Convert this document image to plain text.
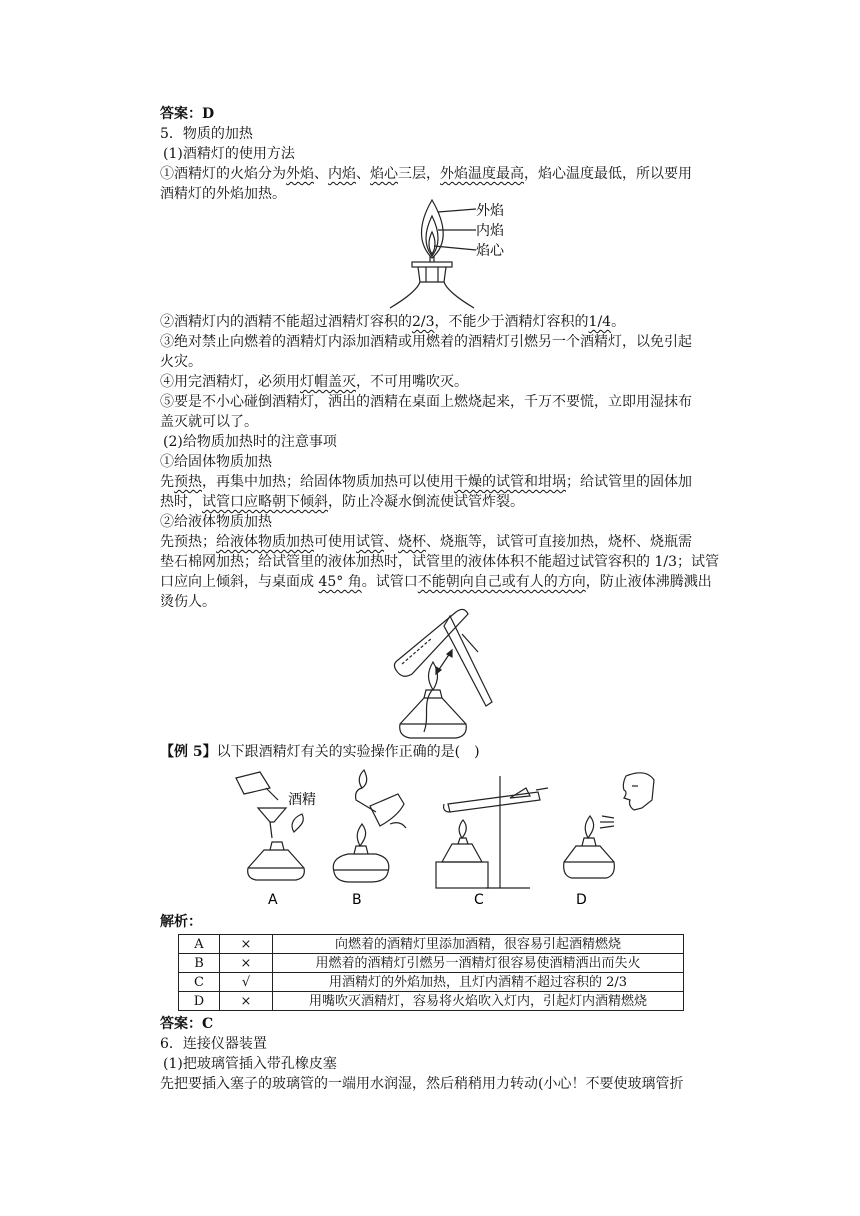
答案：D
5．物质的加热
(1)酒精灯的使用方法
①酒精灯的火焰分为外焰、内焰、焰心三层，外焰温度最高，焰心温度最低，所以要用
酒精灯的外焰加热。
外焰
内焰
焰心
②酒精灯内的酒精不能超过酒精灯容积的2/3，不能少于酒精灯容积的1/4。
③绝对禁止向燃着的酒精灯内添加酒精或用燃着的酒精灯引燃另一个酒精灯，以免引起
火灾。
④用完酒精灯，必须用灯帽盖灭，不可用嘴吹灭。
⑤要是不小心碰倒酒精灯，洒出的酒精在桌面上燃烧起来，千万不要慌，立即用湿抹布
盖灭就可以了。
(2)给物质加热时的注意事项
①给固体物质加热
先预热，再集中加热；给固体物质加热可以使用干燥的试管和坩埚；给试管里的固体加
热时，试管口应略朝下倾斜，防止冷凝水倒流使试管炸裂。
②给液体物质加热
先预热；给液体物质加热可使用试管、烧杯、烧瓶等，试管可直接加热，烧杯、烧瓶需
垫石棉网加热；给试管里的液体加热时，试管里的液体体积不能超过试管容积的 1/3；试管
口应向上倾斜，与桌面成 45° 角。试管口不能朝向自己或有人的方向，防止液体沸腾溅出
烫伤人。
【例 5】以下跟酒精灯有关的实验操作正确的是(　)
酒精
A	B	C	D
解析：
A	×	向燃着的酒精灯里添加酒精，很容易引起酒精燃烧
B	×	用燃着的酒精灯引燃另一酒精灯很容易使酒精洒出而失火
C	√	用酒精灯的外焰加热，且灯内酒精不超过容积的 2/3
D	×	用嘴吹灭酒精灯，容易将火焰吹入灯内，引起灯内酒精燃烧
答案：C
6．连接仪器装置
(1)把玻璃管插入带孔橡皮塞
先把要插入塞子的玻璃管的一端用水润湿，然后稍稍用力转动(小心！不要使玻璃管折
